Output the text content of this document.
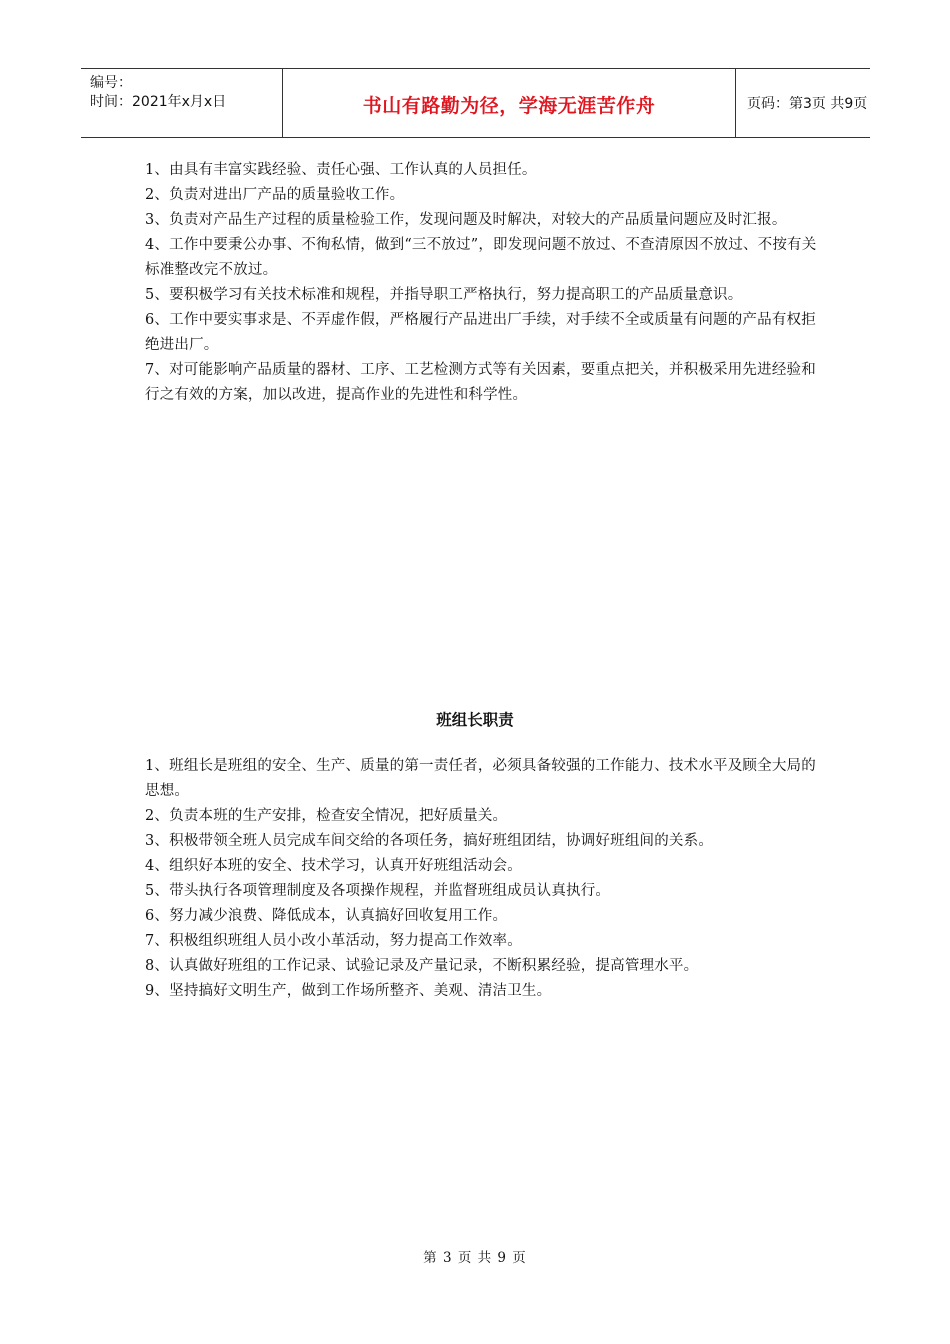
编号：
时间：2021年x月x日	书山有路勤为径，学海无涯苦作舟	页码：第3页 共9页
1、由具有丰富实践经验、责任心强、工作认真的人员担任。
2、负责对进出厂产品的质量验收工作。
3、负责对产品生产过程的质量检验工作，发现问题及时解决，对较大的产品质量问题应及时汇报。
4、工作中要秉公办事、不徇私情，做到“三不放过”，即发现问题不放过、不查清原因不放过、不按有关标准整改完不放过。
5、要积极学习有关技术标准和规程，并指导职工严格执行，努力提高职工的产品质量意识。
6、工作中要实事求是、不弄虚作假，严格履行产品进出厂手续，对手续不全或质量有问题的产品有权拒绝进出厂。
7、对可能影响产品质量的器材、工序、工艺检测方式等有关因素，要重点把关，并积极采用先进经验和行之有效的方案，加以改进，提高作业的先进性和科学性。
班组长职责
1、班组长是班组的安全、生产、质量的第一责任者，必须具备较强的工作能力、技术水平及顾全大局的思想。
2、负责本班的生产安排，检查安全情况，把好质量关。
3、积极带领全班人员完成车间交给的各项任务，搞好班组团结，协调好班组间的关系。
4、组织好本班的安全、技术学习，认真开好班组活动会。
5、带头执行各项管理制度及各项操作规程，并监督班组成员认真执行。
6、努力减少浪费、降低成本，认真搞好回收复用工作。
7、积极组织班组人员小改小革活动，努力提高工作效率。
8、认真做好班组的工作记录、试验记录及产量记录，不断积累经验，提高管理水平。
9、坚持搞好文明生产，做到工作场所整齐、美观、清洁卫生。
第 3 页 共 9 页
